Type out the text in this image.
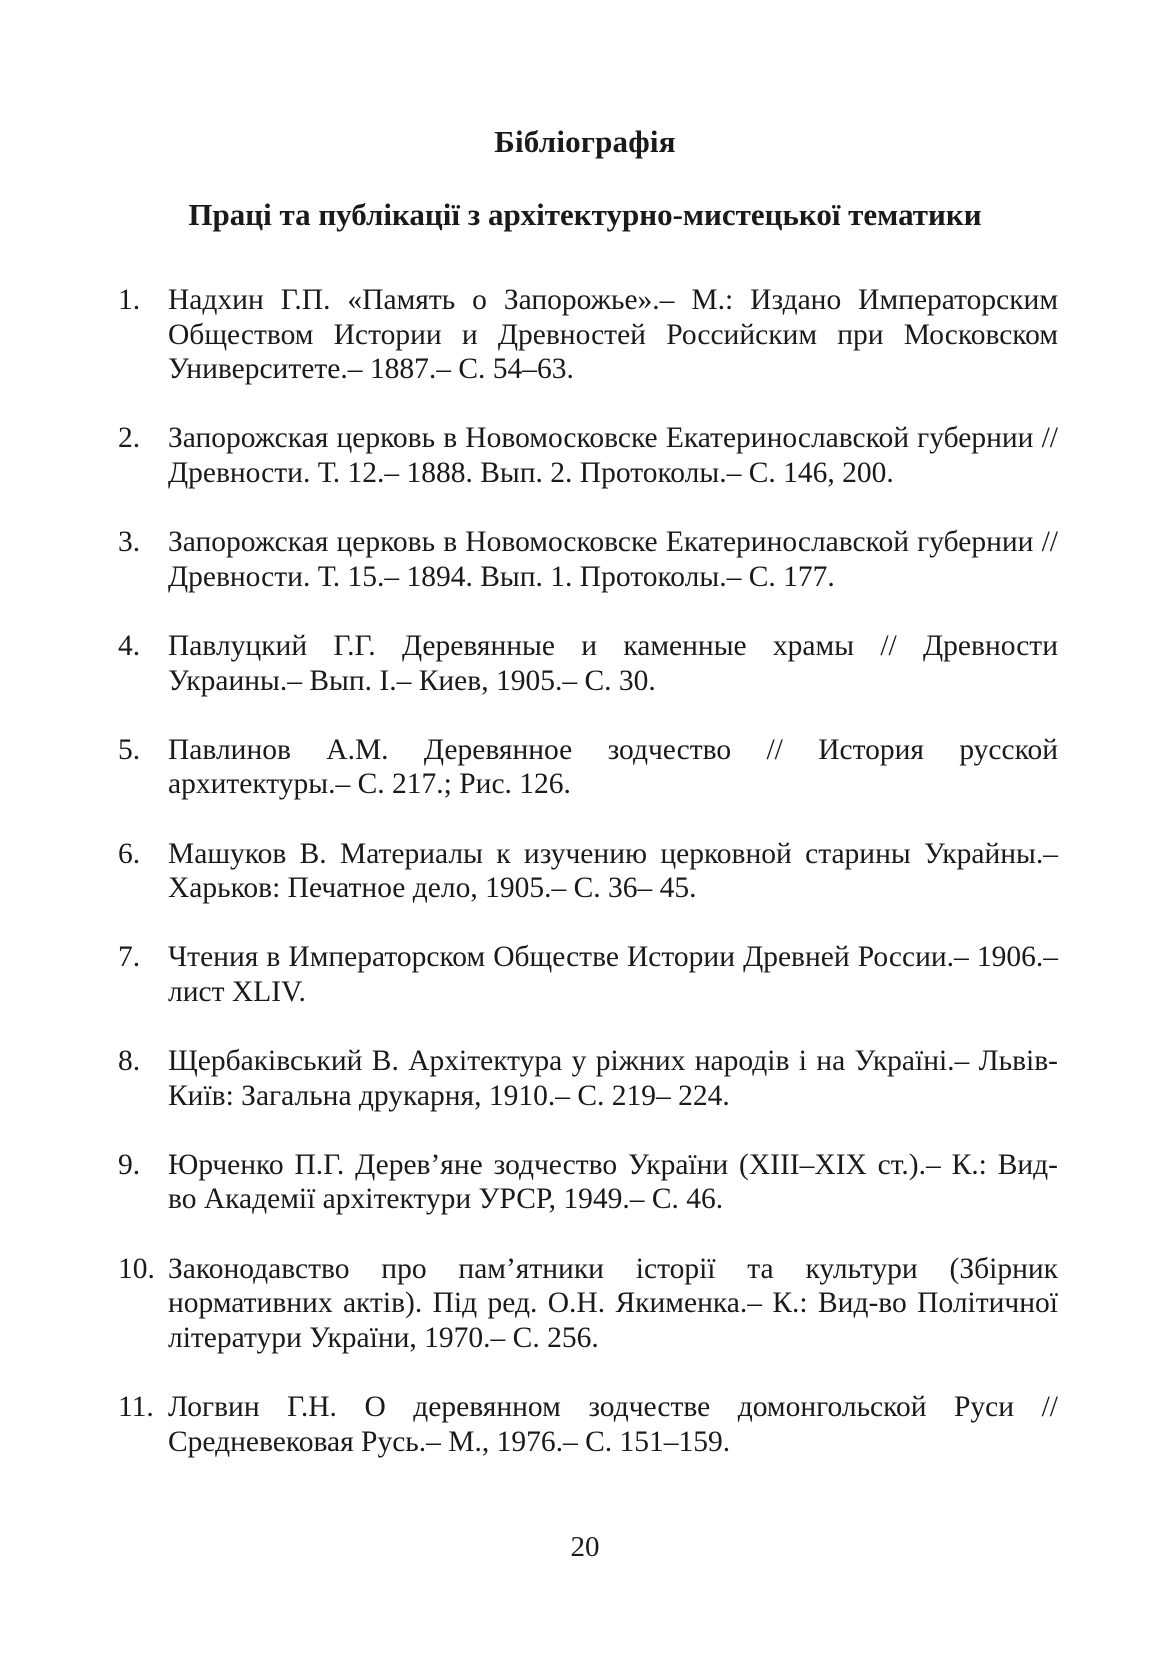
Бібліографія
Праці та публікації з архітектурно-мистецької тематики
1. Надхин Г.П. «Память о Запорожье».– М.: Издано Императорским Обществом Истории и Древностей Российским при Московском Университете.– 1887.– С. 54–63.
2. Запорожская церковь в Новомосковске Екатеринославской губернии // Древности. Т. 12.– 1888. Вып. 2. Протоколы.– С. 146, 200.
3. Запорожская церковь в Новомосковске Екатеринославской губернии // Древности. Т. 15.– 1894. Вып. 1. Протоколы.– С. 177.
4. Павлуцкий Г.Г. Деревянные и каменные храмы // Древности Украины.– Вып. І.– Киев, 1905.– С. 30.
5. Павлинов А.М. Деревянное зодчество // История русской архитектуры.– С. 217.; Рис. 126.
6. Машуков В. Материалы к изучению церковной старины Украйны.– Харьков: Печатное дело, 1905.– С. 36– 45.
7. Чтения в Императорском Обществе Истории Древней России.– 1906.– лист XLIV.
8. Щербаківський В. Архітектура у ріжних народів і на Україні.– Львів-Київ: Загальна друкарня, 1910.– С. 219– 224.
9. Юрченко П.Г. Дерев’яне зодчество України (XIII–XIX ст.).– К.: Вид-во Академії архітектури УРСР, 1949.– С. 46.
10. Законодавство про пам’ятники історії та культури (Збірник нормативних актів). Під ред. О.Н. Якименка.– К.: Вид-во Політичної літератури України, 1970.– С. 256.
11. Логвин Г.Н. О деревянном зодчестве домонгольской Руси // Средневековая Русь.– М., 1976.– С. 151–159.
20
